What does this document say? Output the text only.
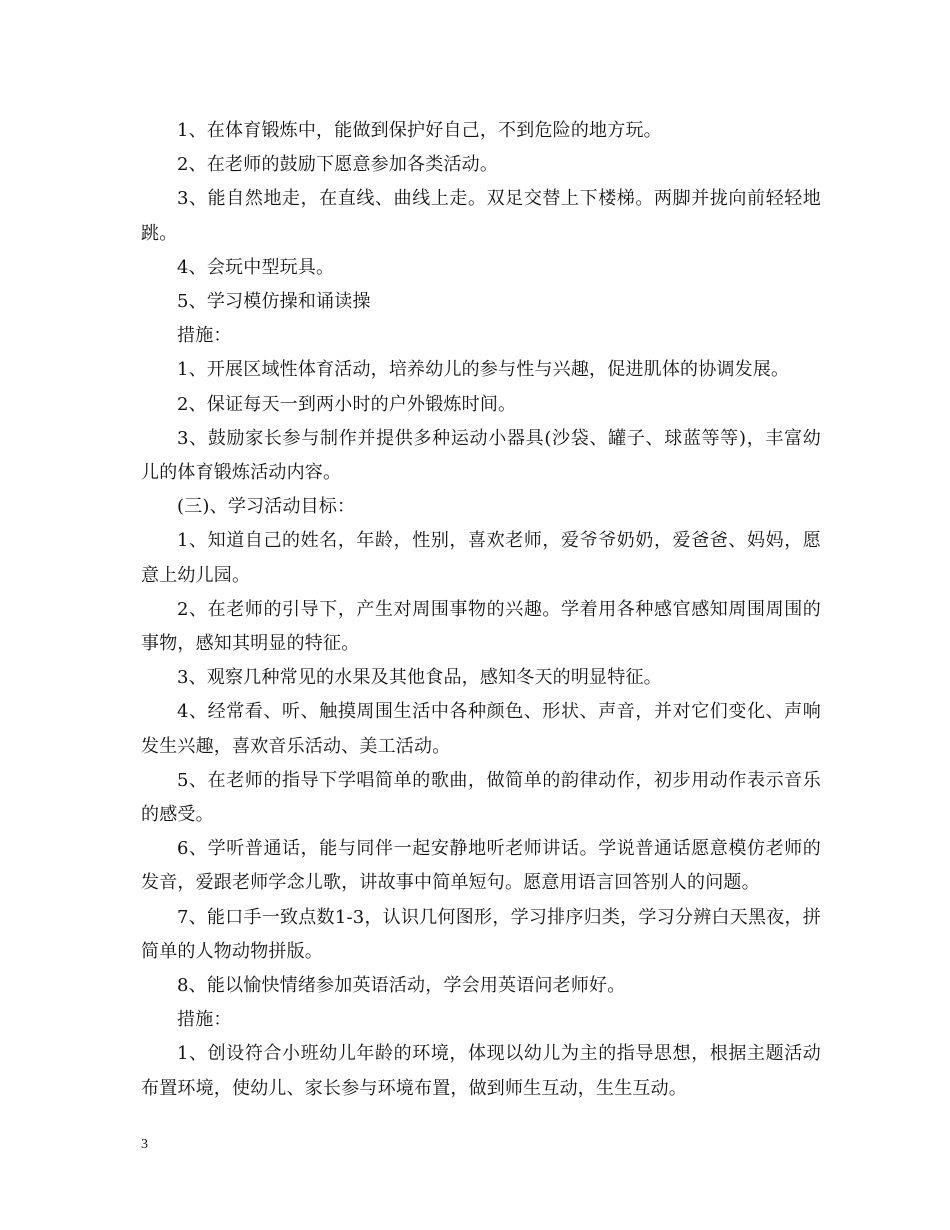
1、在体育锻炼中，能做到保护好自己，不到危险的地方玩。

2、在老师的鼓励下愿意参加各类活动。

3、能自然地走，在直线、曲线上走。双足交替上下楼梯。两脚并拢向前轻轻地跳。

4、会玩中型玩具。

5、学习模仿操和诵读操

措施：

1、开展区域性体育活动，培养幼儿的参与性与兴趣，促进肌体的协调发展。

2、保证每天一到两小时的户外锻炼时间。

3、鼓励家长参与制作并提供多种运动小器具(沙袋、罐子、球蓝等等)，丰富幼儿的体育锻炼活动内容。

(三)、学习活动目标：

1、知道自己的姓名，年龄，性别，喜欢老师，爱爷爷奶奶，爱爸爸、妈妈，愿意上幼儿园。

2、在老师的引导下，产生对周围事物的兴趣。学着用各种感官感知周围周围的事物，感知其明显的特征。

3、观察几种常见的水果及其他食品，感知冬天的明显特征。

4、经常看、听、触摸周围生活中各种颜色、形状、声音，并对它们变化、声响发生兴趣，喜欢音乐活动、美工活动。

5、在老师的指导下学唱简单的歌曲，做简单的韵律动作，初步用动作表示音乐的感受。

6、学听普通话，能与同伴一起安静地听老师讲话。学说普通话愿意模仿老师的发音，爱跟老师学念儿歌，讲故事中简单短句。愿意用语言回答别人的问题。

7、能口手一致点数1-3，认识几何图形，学习排序归类，学习分辨白天黑夜，拼简单的人物动物拼版。

8、能以愉快情绪参加英语活动，学会用英语问老师好。

措施：

1、创设符合小班幼儿年龄的环境，体现以幼儿为主的指导思想，根据主题活动布置环境，使幼儿、家长参与环境布置，做到师生互动，生生互动。

3
